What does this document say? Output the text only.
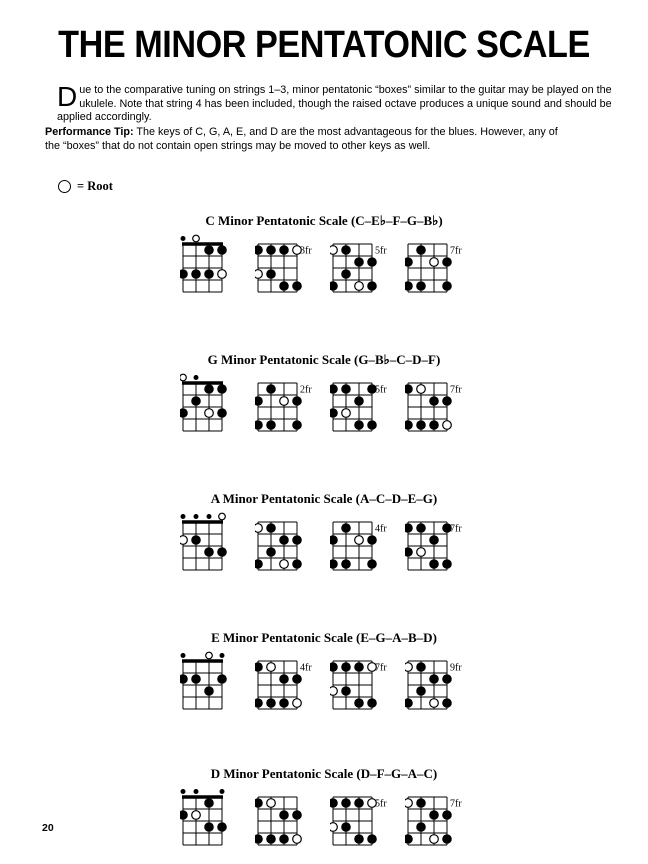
THE MINOR PENTATONIC SCALE

Due to the comparative tuning on strings 1–3, minor pentatonic “boxes” similar to the guitar may be played on the ukulele. Note that string 4 has been included, though the raised octave produces a unique sound and should be applied accordingly.

Performance Tip: The keys of C, G, A, E, and D are the most advantageous for the blues. However, any of the “boxes” that do not contain open strings may be moved to other keys as well.

= Root
C Minor Pentatonic Scale (C–E♭–F–G–B♭)
3fr	5fr	7fr
G Minor Pentatonic Scale (G–B♭–C–D–F)
2fr	5fr	7fr
A Minor Pentatonic Scale (A–C–D–E–G)
4fr	7fr
E Minor Pentatonic Scale (E–G–A–B–D)
4fr	7fr	9fr
D Minor Pentatonic Scale (D–F–G–A–C)
5fr	7fr
20
